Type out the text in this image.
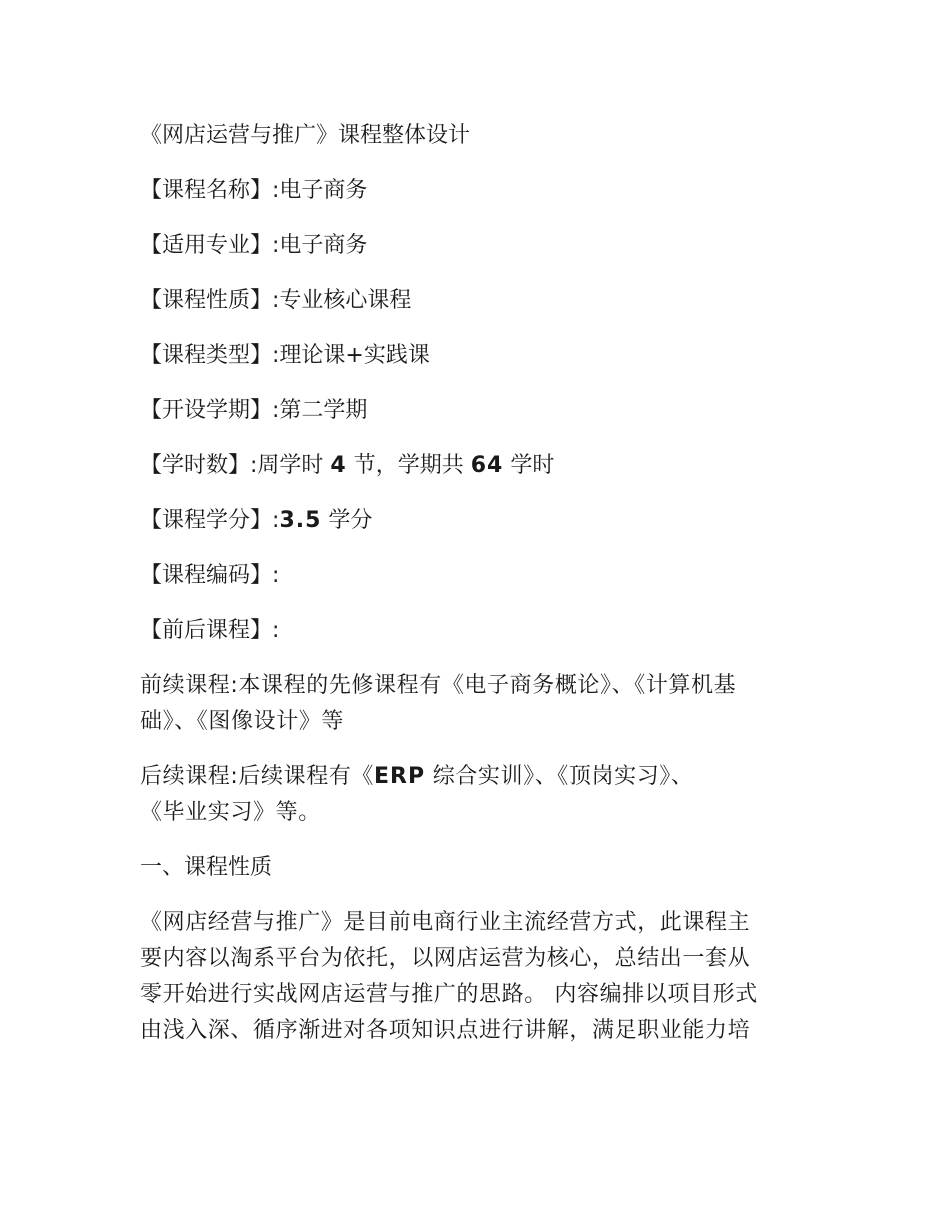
《网店运营与推广》课程整体设计
【课程名称】:电子商务
【适用专业】:电子商务
【课程性质】:专业核心课程
【课程类型】:理论课+实践课
【开设学期】:第二学期
【学时数】:周学时 4 节，学期共 64 学时
【课程学分】:3.5 学分
【课程编码】:
【前后课程】:
前续课程:本课程的先修课程有《电子商务概论》、《计算机基
础》、《图像设计》等
后续课程:后续课程有《ERP 综合实训》、《顶岗实习》、
《毕业实习》等。
一、课程性质
《网店经营与推广》是目前电商行业主流经营方式，此课程主
要内容以淘系平台为依托，以网店运营为核心，总结出一套从
零开始进行实战网店运营与推广的思路。 内容编排以项目形式
由浅入深、循序渐进对各项知识点进行讲解，满足职业能力培
